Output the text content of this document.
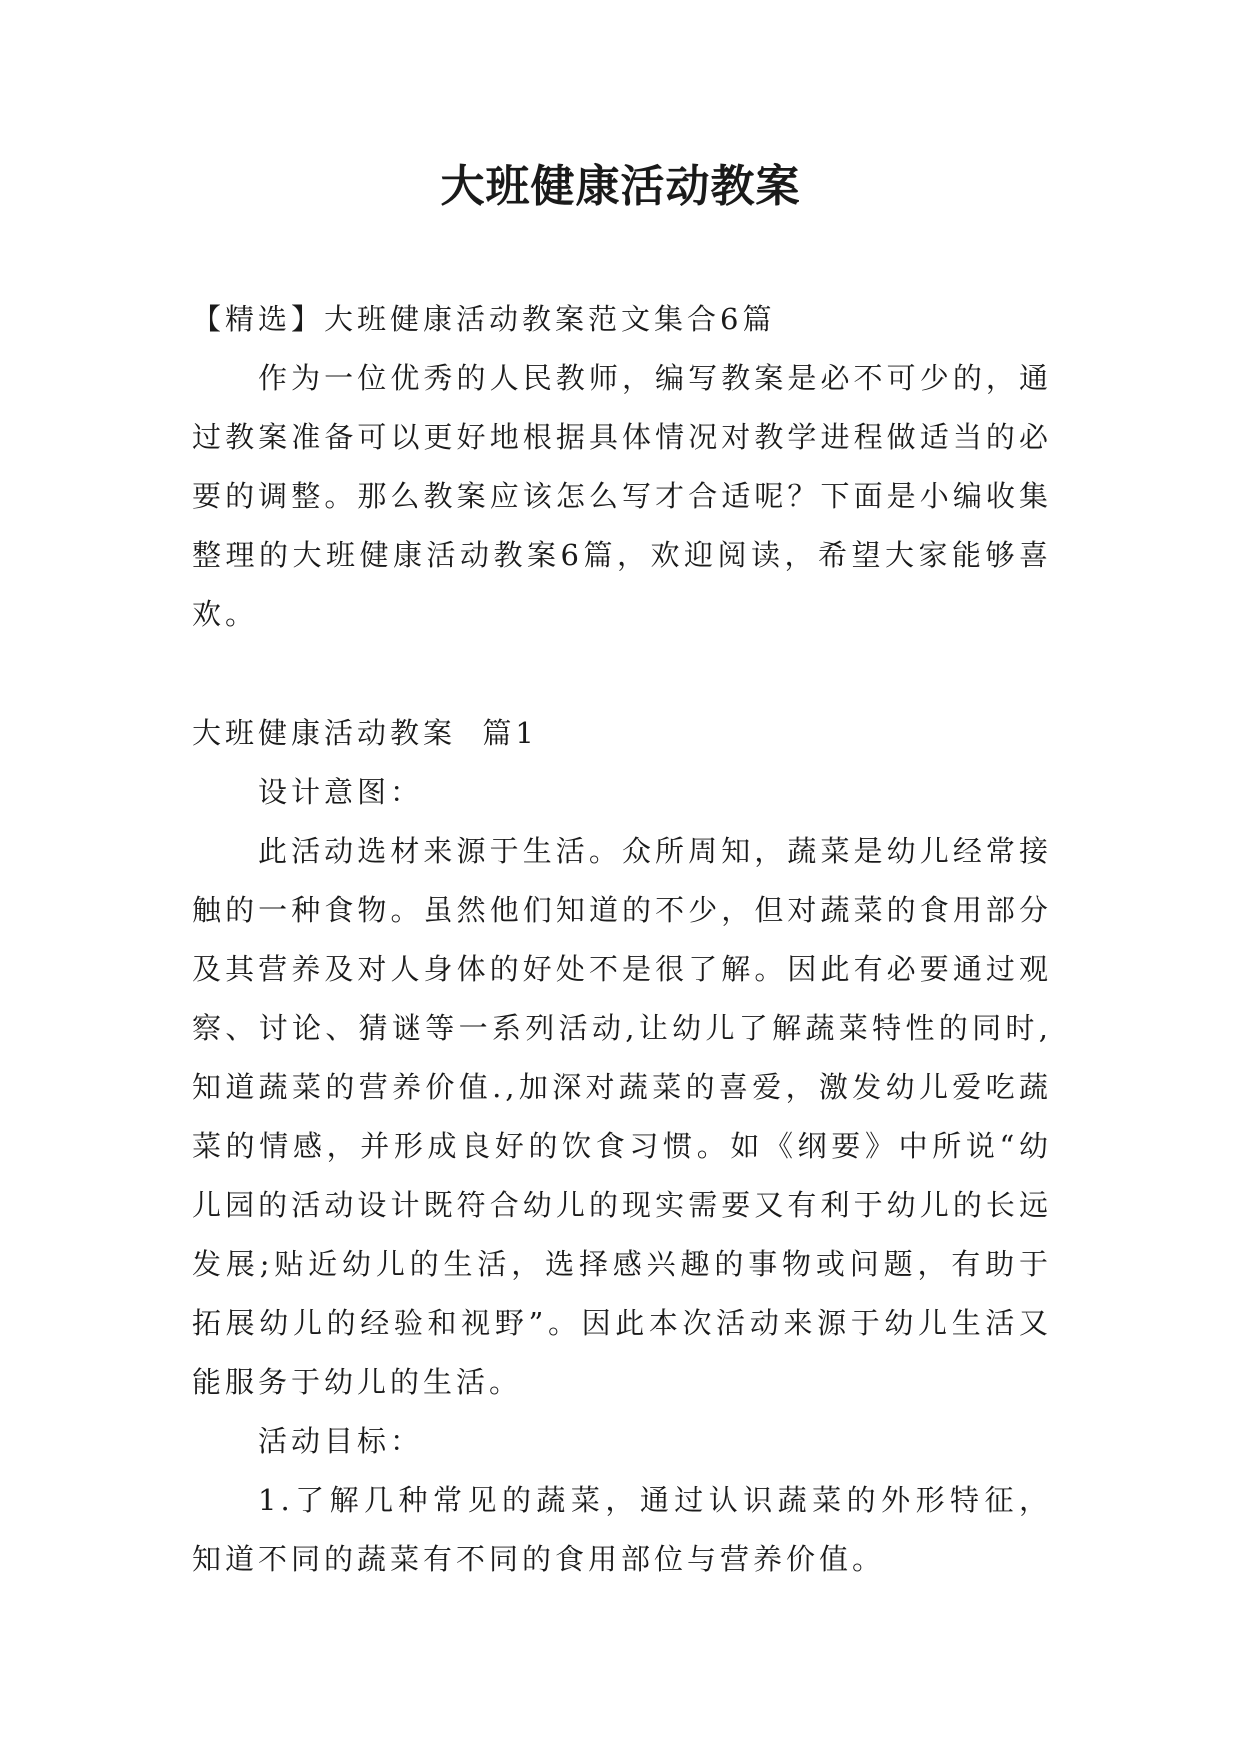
大班健康活动教案

【精选】大班健康活动教案范文集合6篇

作为一位优秀的人民教师，编写教案是必不可少的，通过教案准备可以更好地根据具体情况对教学进程做适当的必要的调整。那么教案应该怎么写才合适呢？下面是小编收集整理的大班健康活动教案6篇，欢迎阅读，希望大家能够喜欢。

大班健康活动教案  篇1

设计意图：

此活动选材来源于生活。众所周知，蔬菜是幼儿经常接触的一种食物。虽然他们知道的不少，但对蔬菜的食用部分及其营养及对人身体的好处不是很了解。因此有必要通过观察、讨论、猜谜等一系列活动,让幼儿了解蔬菜特性的同时,知道蔬菜的营养价值.,加深对蔬菜的喜爱，激发幼儿爱吃蔬菜的情感，并形成良好的饮食习惯。如《纲要》中所说“幼儿园的活动设计既符合幼儿的现实需要又有利于幼儿的长远发展;贴近幼儿的生活，选择感兴趣的事物或问题，有助于拓展幼儿的经验和视野”。因此本次活动来源于幼儿生活又能服务于幼儿的生活。

活动目标：

1.了解几种常见的蔬菜，通过认识蔬菜的外形特征，知道不同的蔬菜有不同的食用部位与营养价值。
